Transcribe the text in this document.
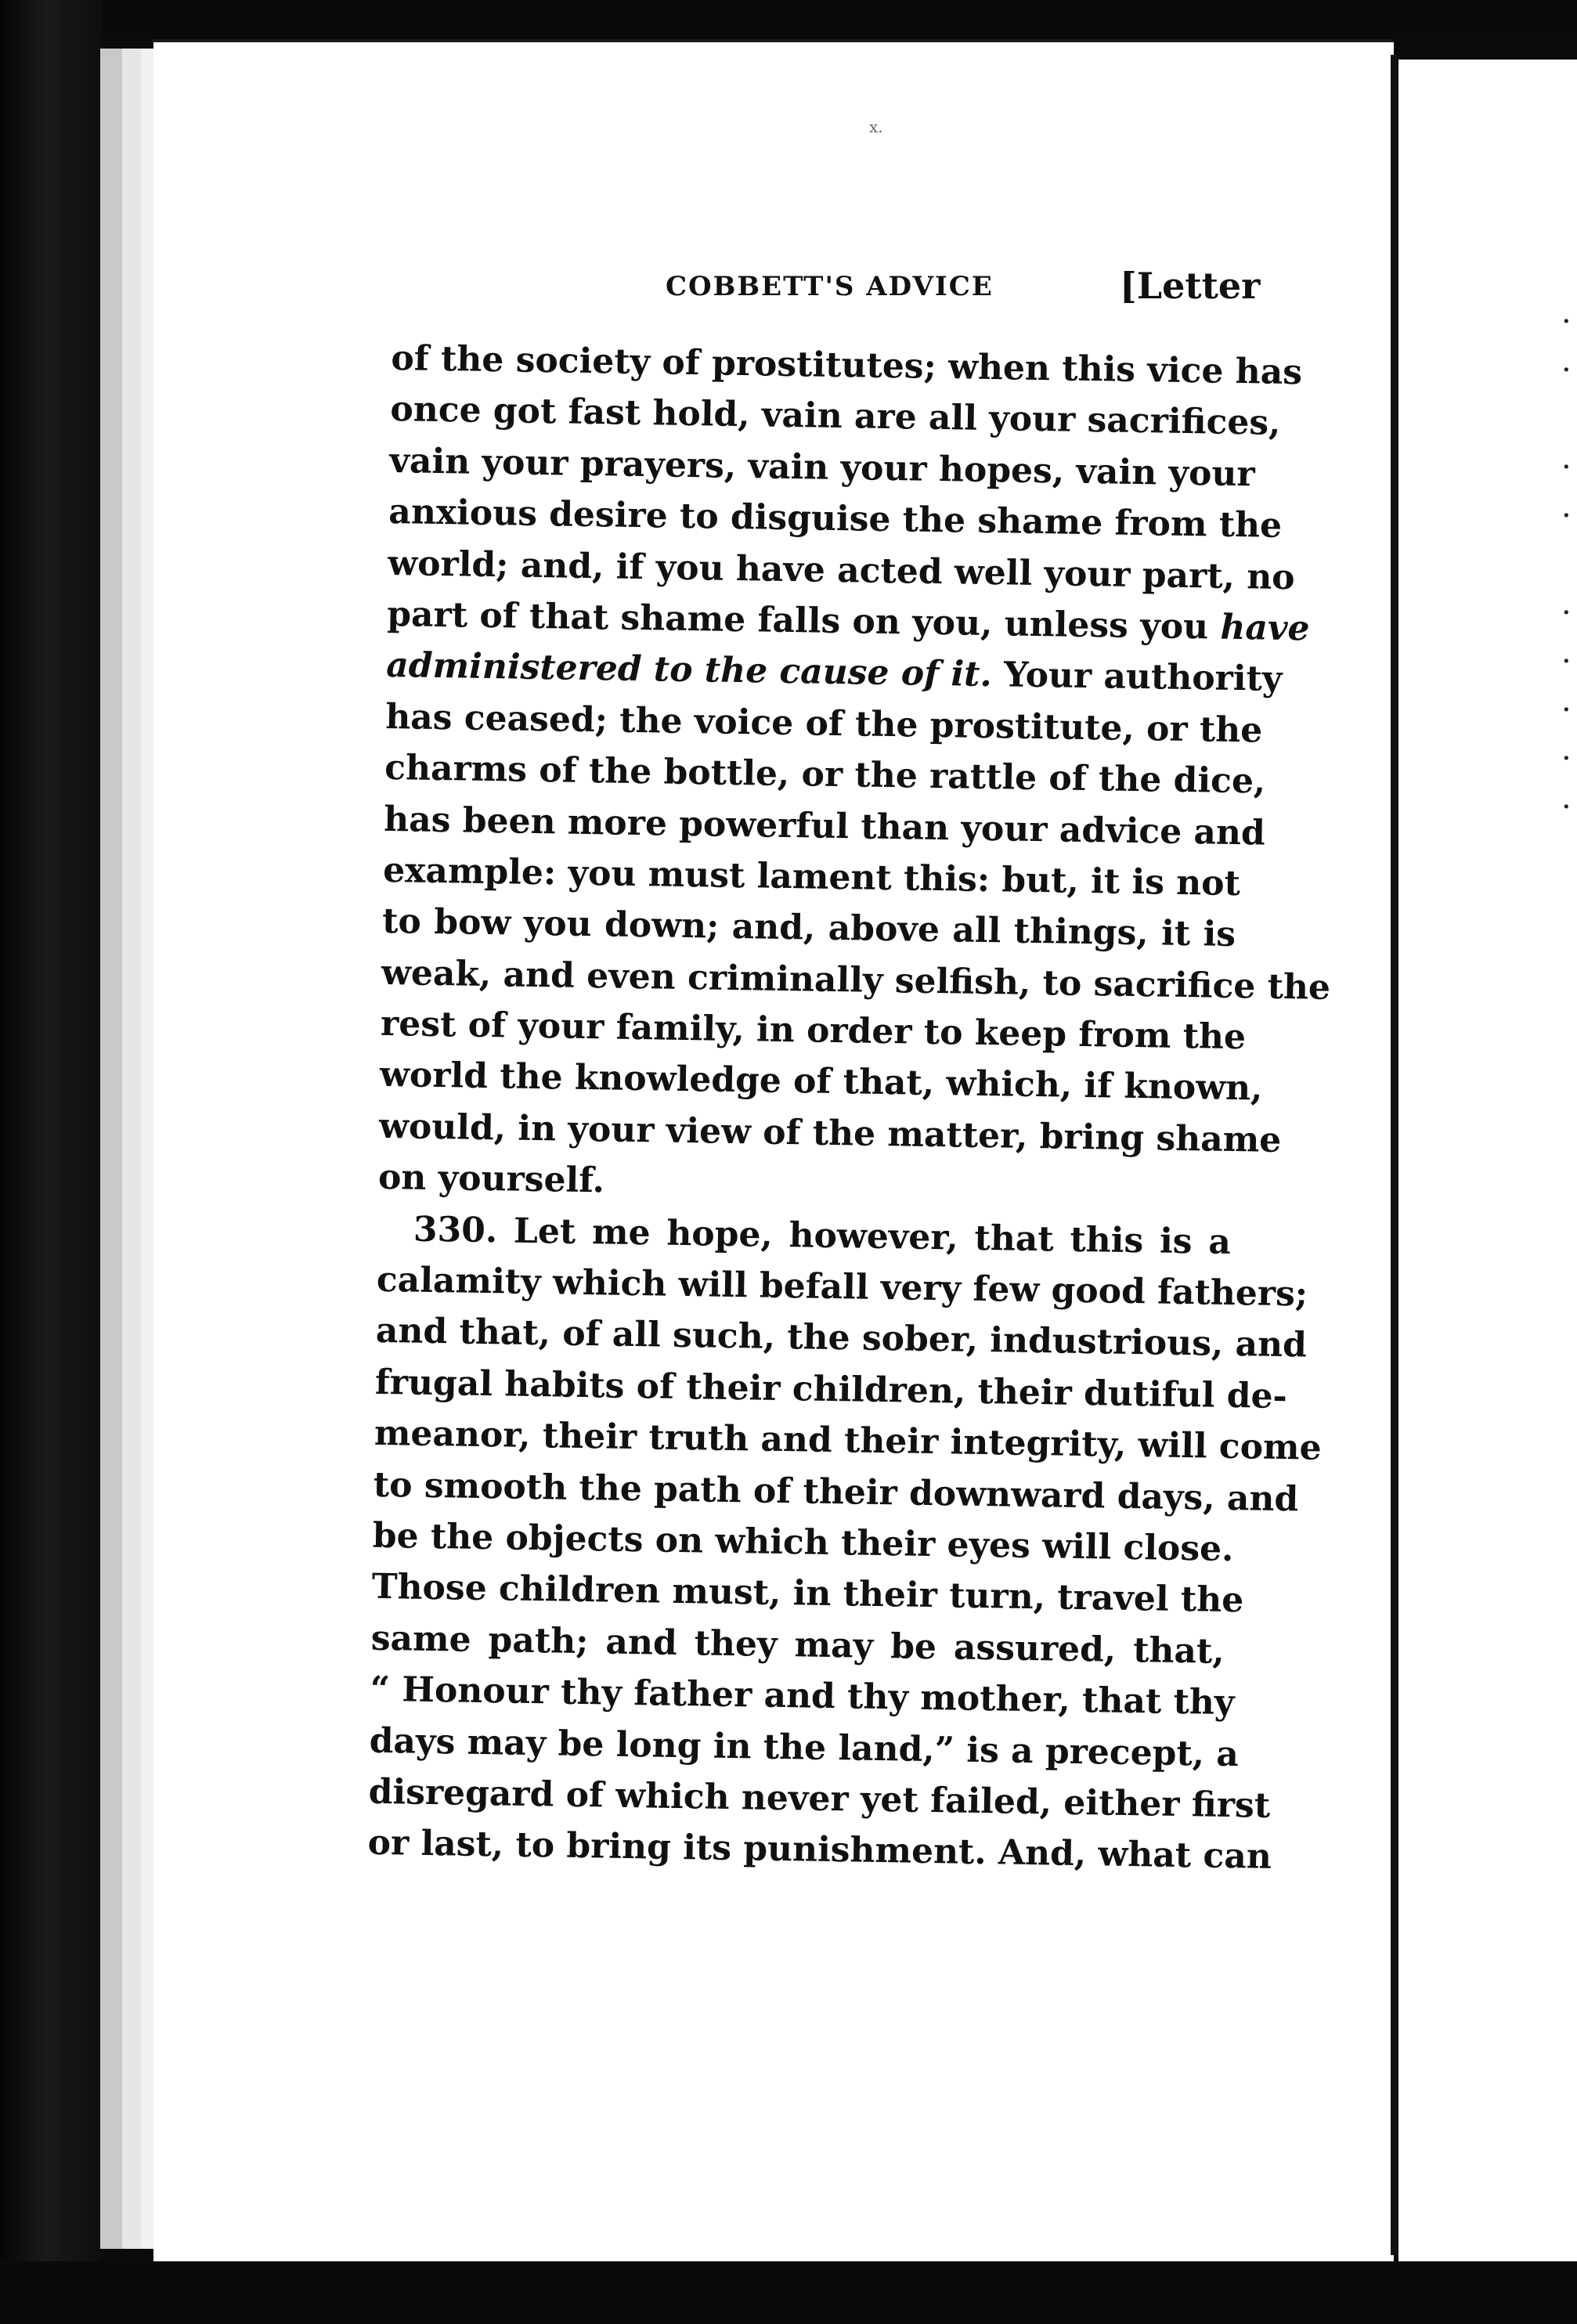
·
·

·
·

·
·
·
·
·
x.
COBBETT'S ADVICE	[Letter
of the society of prostitutes; when this vice has
once got fast hold, vain are all your sacrifices,
vain your prayers, vain your hopes, vain your
anxious desire to disguise the shame from the
world; and, if you have acted well your part, no
part of that shame falls on you, unless you have
administered to the cause of it. Your authority
has ceased; the voice of the prostitute, or the
charms of the bottle, or the rattle of the dice,
has been more powerful than your advice and
example: you must lament this: but, it is not
to bow you down; and, above all things, it is
weak, and even criminally selfish, to sacrifice the
rest of your family, in order to keep from the
world the knowledge of that, which, if known,
would, in your view of the matter, bring shame
on yourself.
330. Let me hope, however, that this is a
calamity which will befall very few good fathers;
and that, of all such, the sober, industrious, and
frugal habits of their children, their dutiful de-
meanor, their truth and their integrity, will come
to smooth the path of their downward days, and
be the objects on which their eyes will close.
Those children must, in their turn, travel the
same path; and they may be assured, that,
“ Honour thy father and thy mother, that thy
days may be long in the land,” is a precept, a
disregard of which never yet failed, either first
or last, to bring its punishment. And, what can
